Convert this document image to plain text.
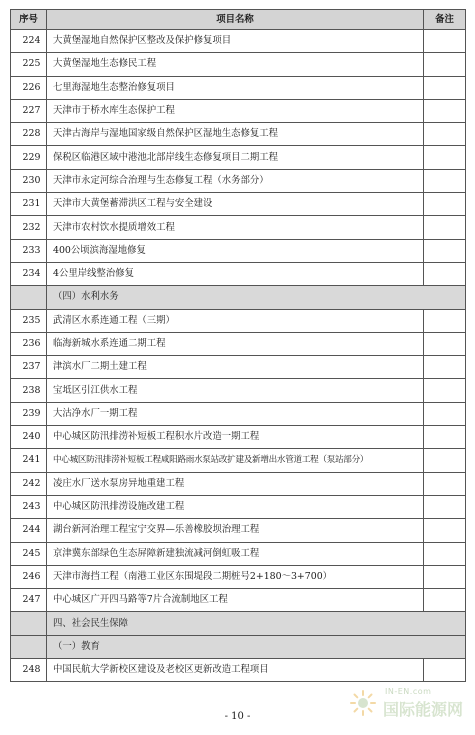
序号	项目名称	备注
224	大黄堡湿地自然保护区整改及保护修复项目	
225	大黄堡湿地生态修民工程	
226	七里海湿地生态整治修复项目	
227	天津市于桥水库生态保护工程	
228	天津古海岸与湿地国家级自然保护区湿地生态修复工程	
229	保税区临港区域中港池北部岸线生态修复项目二期工程	
230	天津市永定河综合治理与生态修复工程（水务部分）	
231	天津市大黄堡蓄滞洪区工程与安全建设	
232	天津市农村饮水提质增效工程	
233	400公顷滨海湿地修复	
234	4公里岸线整治修复	
	（四）水利水务	
235	武清区水系连通工程（三期）	
236	临海新城水系连通二期工程	
237	津滨水厂二期土建工程	
238	宝坻区引江供水工程	
239	大沽净水厂一期工程	
240	中心城区防汛排涝补短板工程积水片改造一期工程	
241	中心城区防汛排涝补短板工程咸阳路雨水泵站改扩建及新增出水管道工程（泵站部分）	
242	凌庄水厂送水泵房异地重建工程	
243	中心城区防汛排涝设施改建工程	
244	湖台新河治理工程宝宁交界—乐善橡胶坝治理工程	
245	京津冀东部绿色生态屏障新建独流减河倒虹吸工程	
246	天津市海挡工程（南港工业区东围堤段二期桩号2+180～3+700）	
247	中心城区广开四马路等7片合流制地区工程	
	四、社会民生保障	
	（一）教育	
248	中国民航大学新校区建设及老校区更新改造工程项目	
- 10 -
IN-EN.com
国际能源网
